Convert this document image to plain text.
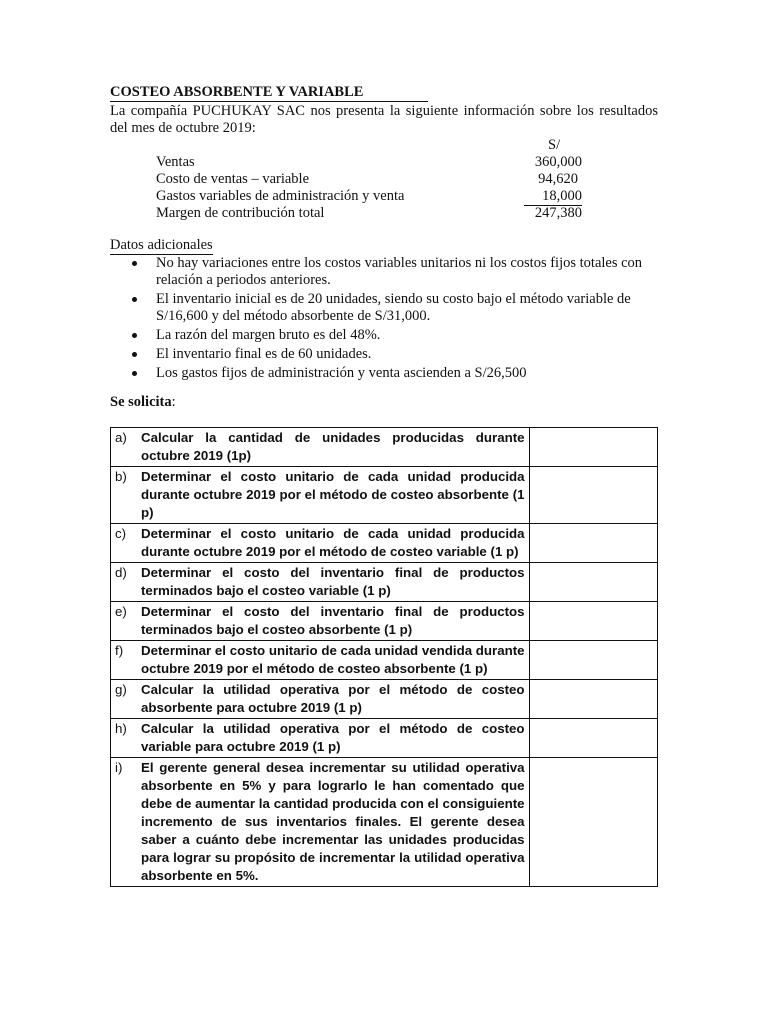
COSTEO ABSORBENTE Y VARIABLE
La compañía PUCHUKAY SAC nos presenta la siguiente información sobre los resultados del mes de octubre 2019:
S/
Ventas	360,000
Costo de ventas – variable	94,620
Gastos variables de administración y venta	18,000
Margen de contribución total	247,380
Datos adicionales
No hay variaciones entre los costos variables unitarios ni los costos fijos totales con relación a periodos anteriores.
El inventario inicial es de 20 unidades, siendo su costo bajo el método variable de S/16,600 y del método absorbente de S/31,000.
La razón del margen bruto es del 48%.
El inventario final es de 60 unidades.
Los gastos fijos de administración y venta ascienden a S/26,500
Se solicita:
a) Calcular la cantidad de unidades producidas durante octubre 2019 (1p)	

b) Determinar el costo unitario de cada unidad producida durante octubre 2019 por el método de costeo absorbente (1 p)	

c) Determinar el costo unitario de cada unidad producida durante octubre 2019 por el método de costeo variable (1 p)	

d) Determinar el costo del inventario final de productos terminados bajo el costeo variable (1 p)	

e) Determinar el costo del inventario final de productos terminados bajo el costeo absorbente (1 p)	

f) Determinar el costo unitario de cada unidad vendida durante octubre 2019 por el método de costeo absorbente (1 p)	

g) Calcular la utilidad operativa por el método de costeo absorbente para octubre 2019 (1 p)	

h) Calcular la utilidad operativa por el método de costeo variable para octubre 2019 (1 p)	

i) El gerente general desea incrementar su utilidad operativa absorbente en 5% y para lograrlo le han comentado que debe de aumentar la cantidad producida con el consiguiente incremento de sus inventarios finales. El gerente desea saber a cuánto debe incrementar las unidades producidas para lograr su propósito de incrementar la utilidad operativa absorbente en 5%.	
